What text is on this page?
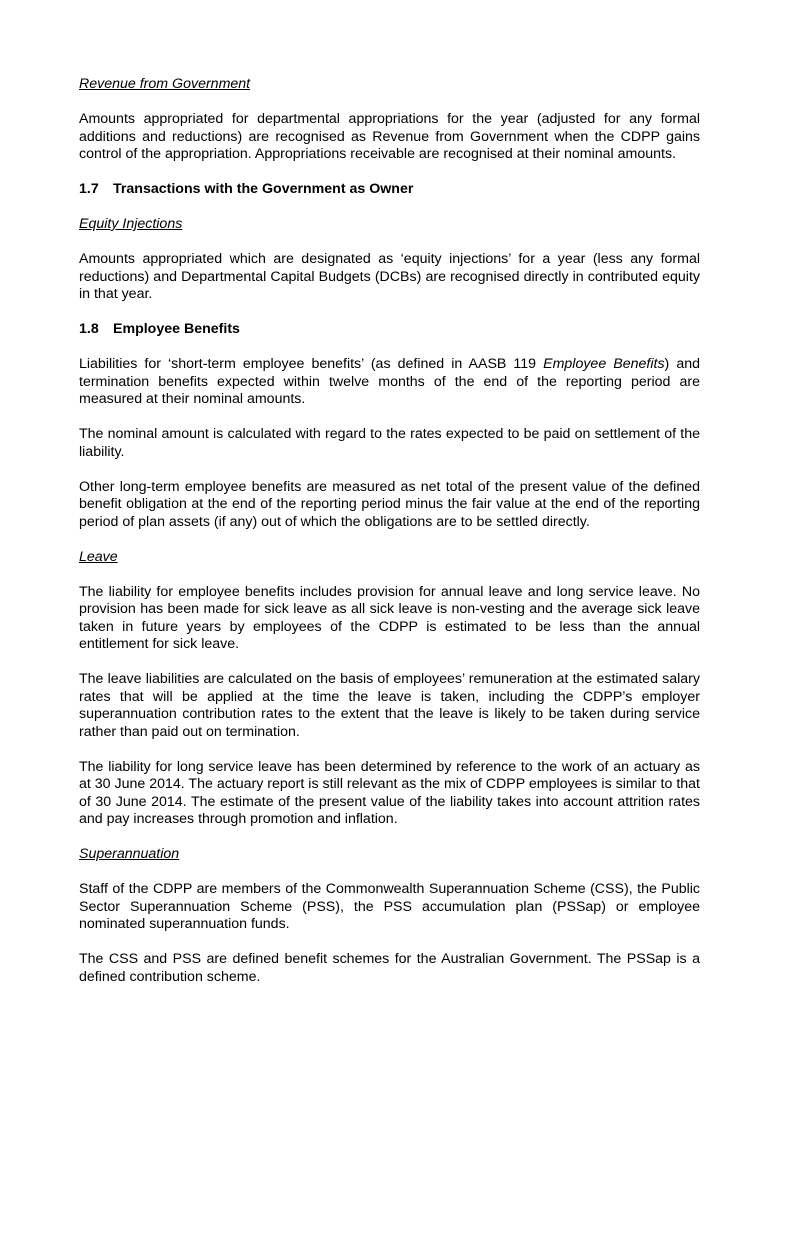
Revenue from Government

Amounts appropriated for departmental appropriations for the year (adjusted for any formal additions and reductions) are recognised as Revenue from Government when the CDPP gains control of the appropriation. Appropriations receivable are recognised at their nominal amounts.

1.7 Transactions with the Government as Owner
Equity Injections

Amounts appropriated which are designated as ‘equity injections’ for a year (less any formal reductions) and Departmental Capital Budgets (DCBs) are recognised directly in contributed equity in that year.

1.8 Employee Benefits

Liabilities for ‘short-term employee benefits’ (as defined in AASB 119 Employee Benefits) and termination benefits expected within twelve months of the end of the reporting period are measured at their nominal amounts.

The nominal amount is calculated with regard to the rates expected to be paid on settlement of the liability.

Other long-term employee benefits are measured as net total of the present value of the defined benefit obligation at the end of the reporting period minus the fair value at the end of the reporting period of plan assets (if any) out of which the obligations are to be settled directly.

Leave

The liability for employee benefits includes provision for annual leave and long service leave. No provision has been made for sick leave as all sick leave is non-vesting and the average sick leave taken in future years by employees of the CDPP is estimated to be less than the annual entitlement for sick leave.

The leave liabilities are calculated on the basis of employees’ remuneration at the estimated salary rates that will be applied at the time the leave is taken, including the CDPP’s employer superannuation contribution rates to the extent that the leave is likely to be taken during service rather than paid out on termination.

The liability for long service leave has been determined by reference to the work of an actuary as at 30 June 2014. The actuary report is still relevant as the mix of CDPP employees is similar to that of 30 June 2014. The estimate of the present value of the liability takes into account attrition rates and pay increases through promotion and inflation.

Superannuation

Staff of the CDPP are members of the Commonwealth Superannuation Scheme (CSS), the Public Sector Superannuation Scheme (PSS), the PSS accumulation plan (PSSap) or employee nominated superannuation funds.

The CSS and PSS are defined benefit schemes for the Australian Government. The PSSap is a defined contribution scheme.
